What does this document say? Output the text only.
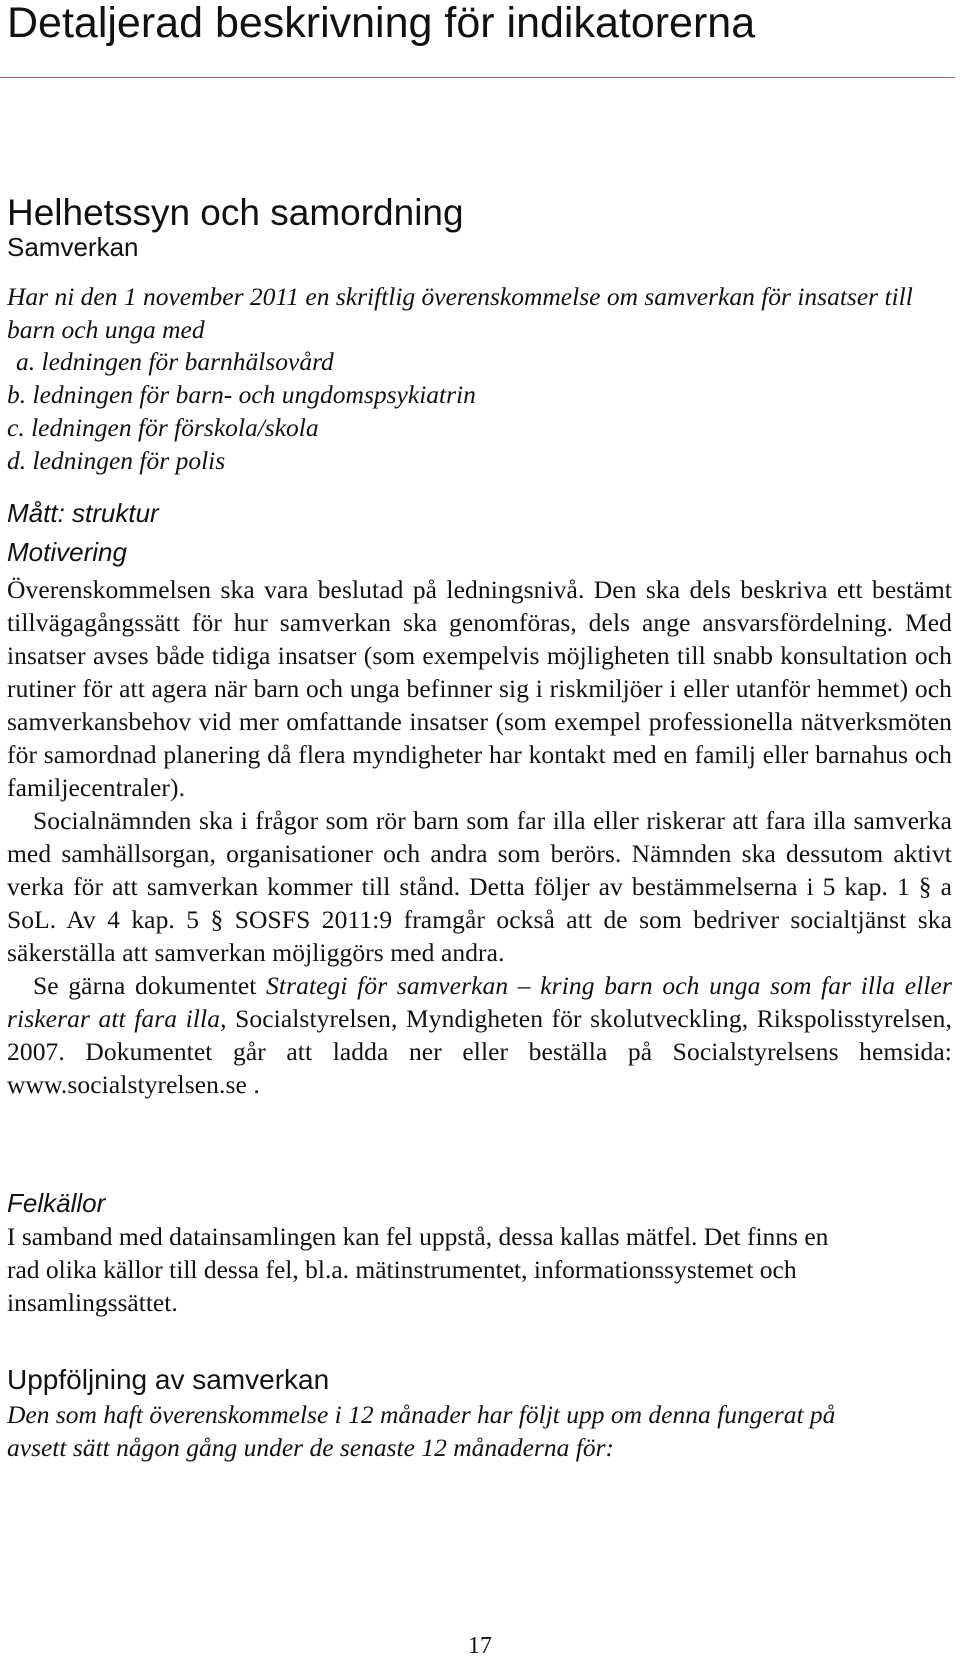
Detaljerad beskrivning för indikatorerna
Helhetssyn och samordning
Samverkan

Har ni den 1 november 2011 en skriftlig överenskommelse om samverkan för insatser till barn och unga med

a. ledningen för barnhälsovård
b. ledningen för barn- och ungdomspsykiatrin
c. ledningen för förskola/skola
d. ledningen för polis
Mått: struktur
Motivering

Överenskommelsen ska vara beslutad på ledningsnivå. Den ska dels beskriva ett bestämt tillvägagångssätt för hur samverkan ska genomföras, dels ange ansvarsfördelning. Med insatser avses både tidiga insatser (som exempelvis möjligheten till snabb konsultation och rutiner för att agera när barn och unga befinner sig i riskmiljöer i eller utanför hemmet) och samverkansbehov vid mer omfattande insatser (som exempel professionella nätverksmöten för samordnad planering då flera myndigheter har kontakt med en familj eller barnahus och familjecentraler).

Socialnämnden ska i frågor som rör barn som far illa eller riskerar att fara illa samverka med samhällsorgan, organisationer och andra som berörs. Nämnden ska dessutom aktivt verka för att samverkan kommer till stånd. Detta följer av bestämmelserna i 5 kap. 1 § a SoL. Av 4 kap. 5 § SOSFS 2011:9 framgår också att de som bedriver socialtjänst ska säkerställa att samverkan möjliggörs med andra.

Se gärna dokumentet Strategi för samverkan – kring barn och unga som far illa eller riskerar att fara illa, Socialstyrelsen, Myndigheten för skolutveckling, Rikspolisstyrelsen, 2007. Dokumentet går att ladda ner eller beställa på Socialstyrelsens hemsida: www.socialstyrelsen.se .

Felkällor

I samband med datainsamlingen kan fel uppstå, dessa kallas mätfel. Det finns en rad olika källor till dessa fel, bl.a. mätinstrumentet, informationssystemet och insamlingssättet.

Uppföljning av samverkan

Den som haft överenskommelse i 12 månader har följt upp om denna fungerat på avsett sätt någon gång under de senaste 12 månaderna för:

17
